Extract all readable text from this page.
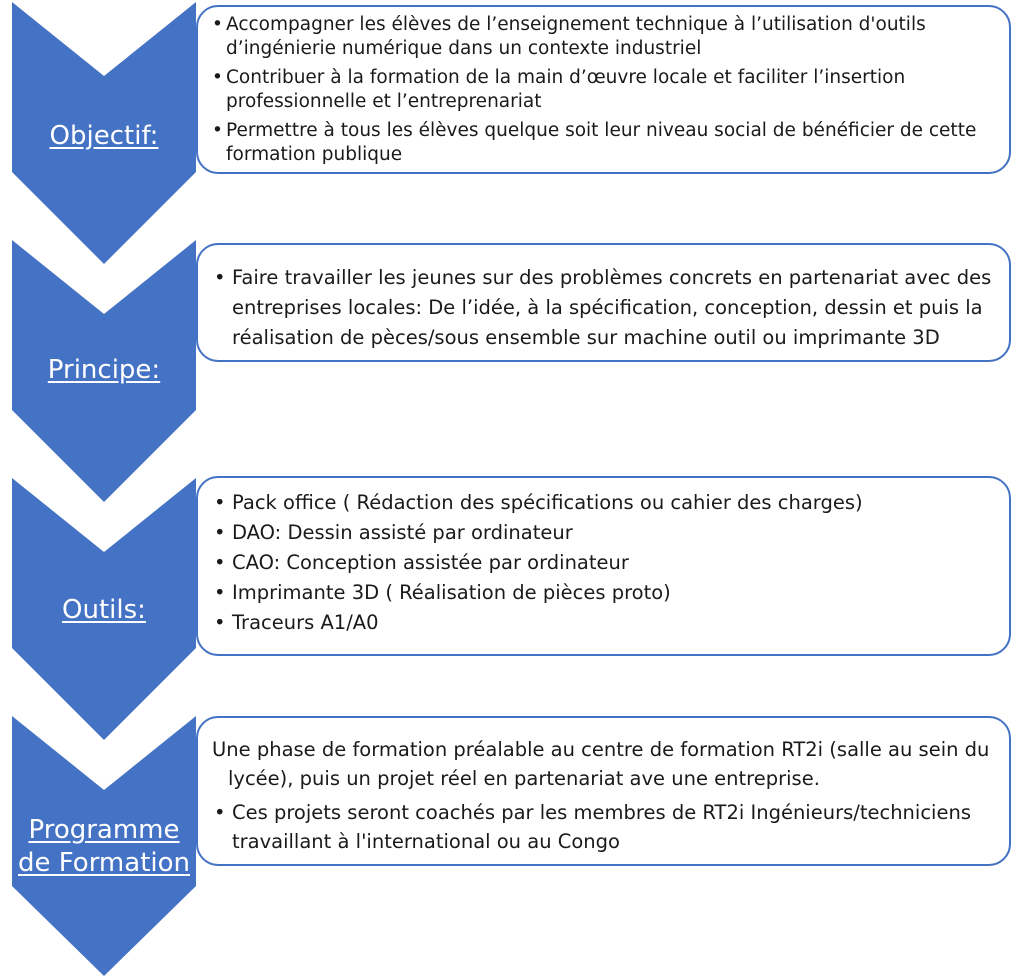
Objectif:
Principe:
Outils:
Programme
de Formation
• Accompagner les élèves de l’enseignement technique à l’utilisation d'outils d’ingénierie numérique dans un contexte industriel
• Contribuer à la formation de la main d’œuvre locale et faciliter l’insertion professionnelle et l’entreprenariat
• Permettre à tous les élèves quelque soit leur niveau social de bénéficier de cette formation publique
• Faire travailler les jeunes sur des problèmes concrets en partenariat avec des entreprises locales: De l’idée, à la spécification, conception, dessin et puis la réalisation de pèces/sous ensemble sur machine outil ou imprimante 3D
• Pack office ( Rédaction des spécifications ou cahier des charges)
• DAO: Dessin assisté par ordinateur
• CAO: Conception assistée par ordinateur
• Imprimante 3D ( Réalisation de pièces proto)
• Traceurs A1/A0
Une phase de formation préalable au centre de formation RT2i (salle au sein du lycée), puis un projet réel en partenariat ave une entreprise.
• Ces projets seront coachés par les membres de RT2i Ingénieurs/techniciens travaillant à l'international ou au Congo
